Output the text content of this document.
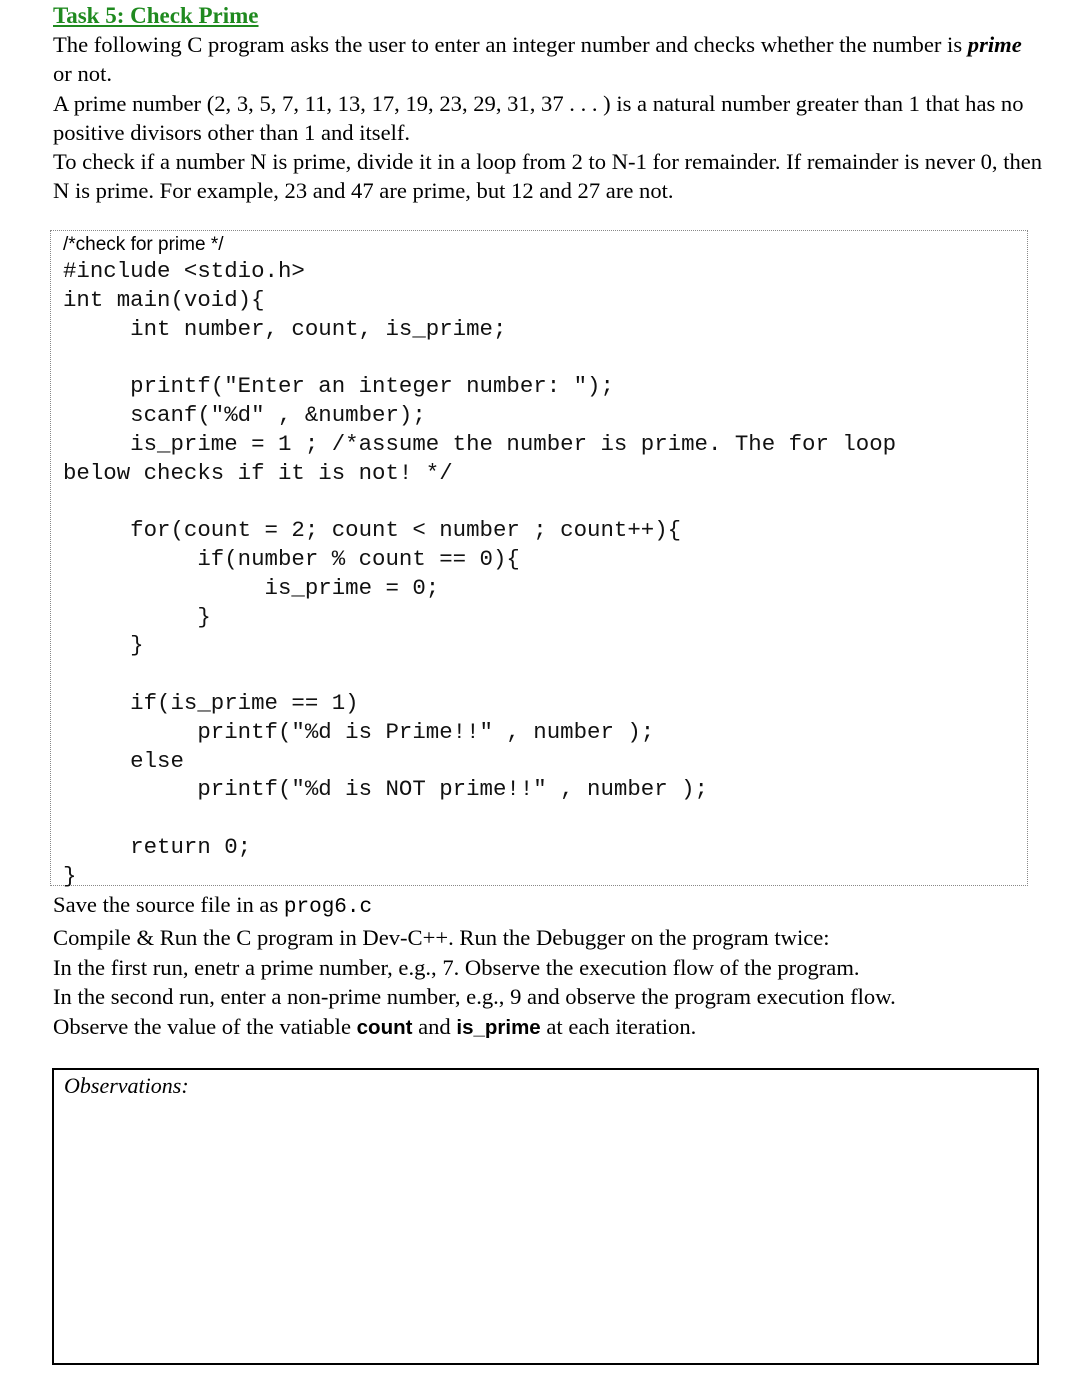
Task 5: Check Prime

The following C program asks the user to enter an integer number and checks whether the number is prime or not.

A prime number (2, 3, 5, 7, 11, 13, 17, 19, 23, 29, 31, 37 . . . ) is a natural number greater than 1 that has no positive divisors other than 1 and itself.

To check if a number N is prime, divide it in a loop from 2 to N-1 for remainder. If remainder is never 0, then N is prime. For example, 23 and 47 are prime, but 12 and 27 are not.

/*check for prime */
#include <stdio.h>
int main(void){
int number, count, is_prime;

printf("Enter an integer number: ");
scanf("%d" , &number);
is_prime = 1 ; /*assume the number is prime. The for loop
below checks if it is not! */

for(count = 2; count < number ; count++){
if(number % count == 0){
is_prime = 0;
}
}

if(is_prime == 1)
printf("%d is Prime!!" , number );
else
printf("%d is NOT prime!!" , number );

return 0;
}

Save the source file in as prog6.c

Compile & Run the C program in Dev-C++. Run the Debugger on the program twice:

In the first run, enetr a prime number, e.g., 7. Observe the execution flow of the program.

In the second run, enter a non-prime number, e.g., 9 and observe the program execution flow.

Observe the value of the vatiable count and is_prime at each iteration.

Observations:
